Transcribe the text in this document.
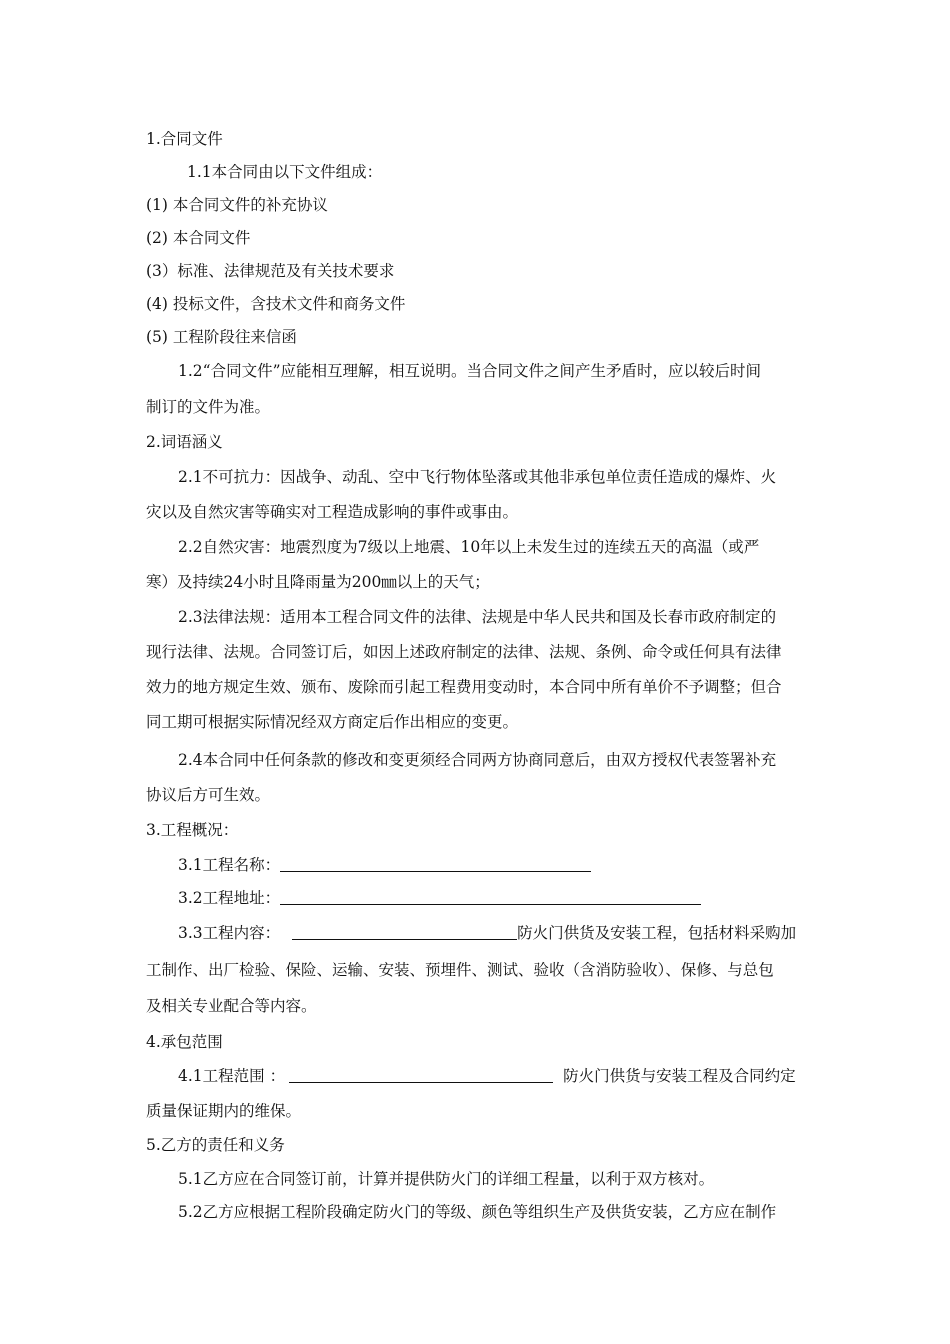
1.合同文件
1.1本合同由以下文件组成：
(1) 本合同文件的补充协议
(2) 本合同文件
(3）标准、法律规范及有关技术要求
(4) 投标文件，含技术文件和商务文件
(5) 工程阶段往来信函
1.2“合同文件”应能相互理解，相互说明。当合同文件之间产生矛盾时，应以较后时间
制订的文件为准。
2.词语涵义
2.1不可抗力：因战争、动乱、空中飞行物体坠落或其他非承包单位责任造成的爆炸、火
灾以及自然灾害等确实对工程造成影响的事件或事由。
2.2自然灾害：地震烈度为7级以上地震、10年以上未发生过的连续五天的高温（或严
寒）及持续24小时且降雨量为200㎜以上的天气；
2.3法律法规：适用本工程合同文件的法律、法规是中华人民共和国及长春市政府制定的
现行法律、法规。合同签订后，如因上述政府制定的法律、法规、条例、命令或任何具有法律
效力的地方规定生效、颁布、废除而引起工程费用变动时，本合同中所有单价不予调整；但合
同工期可根据实际情况经双方商定后作出相应的变更。
2.4本合同中任何条款的修改和变更须经合同两方协商同意后，由双方授权代表签署补充
协议后方可生效。
3.工程概况：
3.1工程名称：
3.2工程地址：
3.3工程内容：	防火门供货及安装工程，包括材料采购加
工制作、出厂检验、保险、运输、安装、预埋件、测试、验收（含消防验收）、保修、与总包
及相关专业配合等内容。
4.承包范围
4.1工程范围 ：	防火门供货与安装工程及合同约定
质量保证期内的维保。
5.乙方的责任和义务
5.1乙方应在合同签订前，计算并提供防火门的详细工程量，以利于双方核对。
5.2乙方应根据工程阶段确定防火门的等级、颜色等组织生产及供货安装，乙方应在制作
